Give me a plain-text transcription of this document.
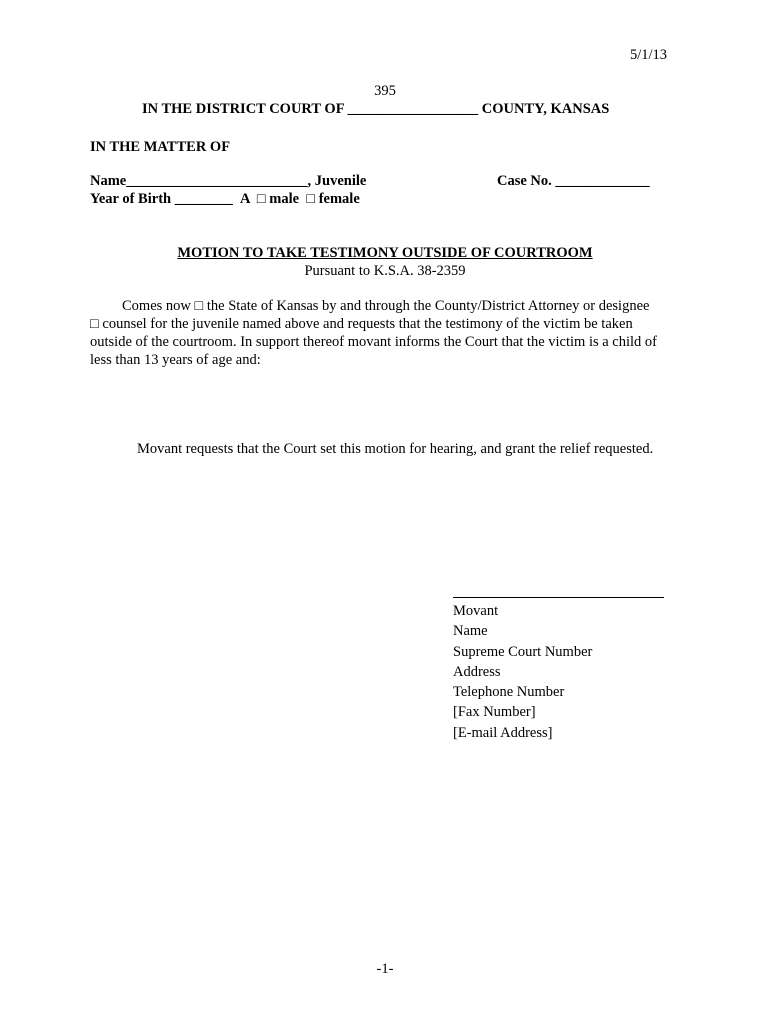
5/1/13
395
IN THE DISTRICT COURT OF __________________ COUNTY, KANSAS
IN THE MATTER OF
Name_________________________, Juvenile	Case No. _____________
Year of Birth ________ A □ male □ female
MOTION TO TAKE TESTIMONY OUTSIDE OF COURTROOM
Pursuant to K.S.A. 38-2359
Comes now □ the State of Kansas by and through the County/District Attorney or designee
□ counsel for the juvenile named above and requests that the testimony of the victim be taken
outside of the courtroom. In support thereof movant informs the Court that the victim is a child of
less than 13 years of age and:
Movant requests that the Court set this motion for hearing, and grant the relief requested.
Movant
Name
Supreme Court Number
Address
Telephone Number
[Fax Number]
[E-mail Address]
-1-
